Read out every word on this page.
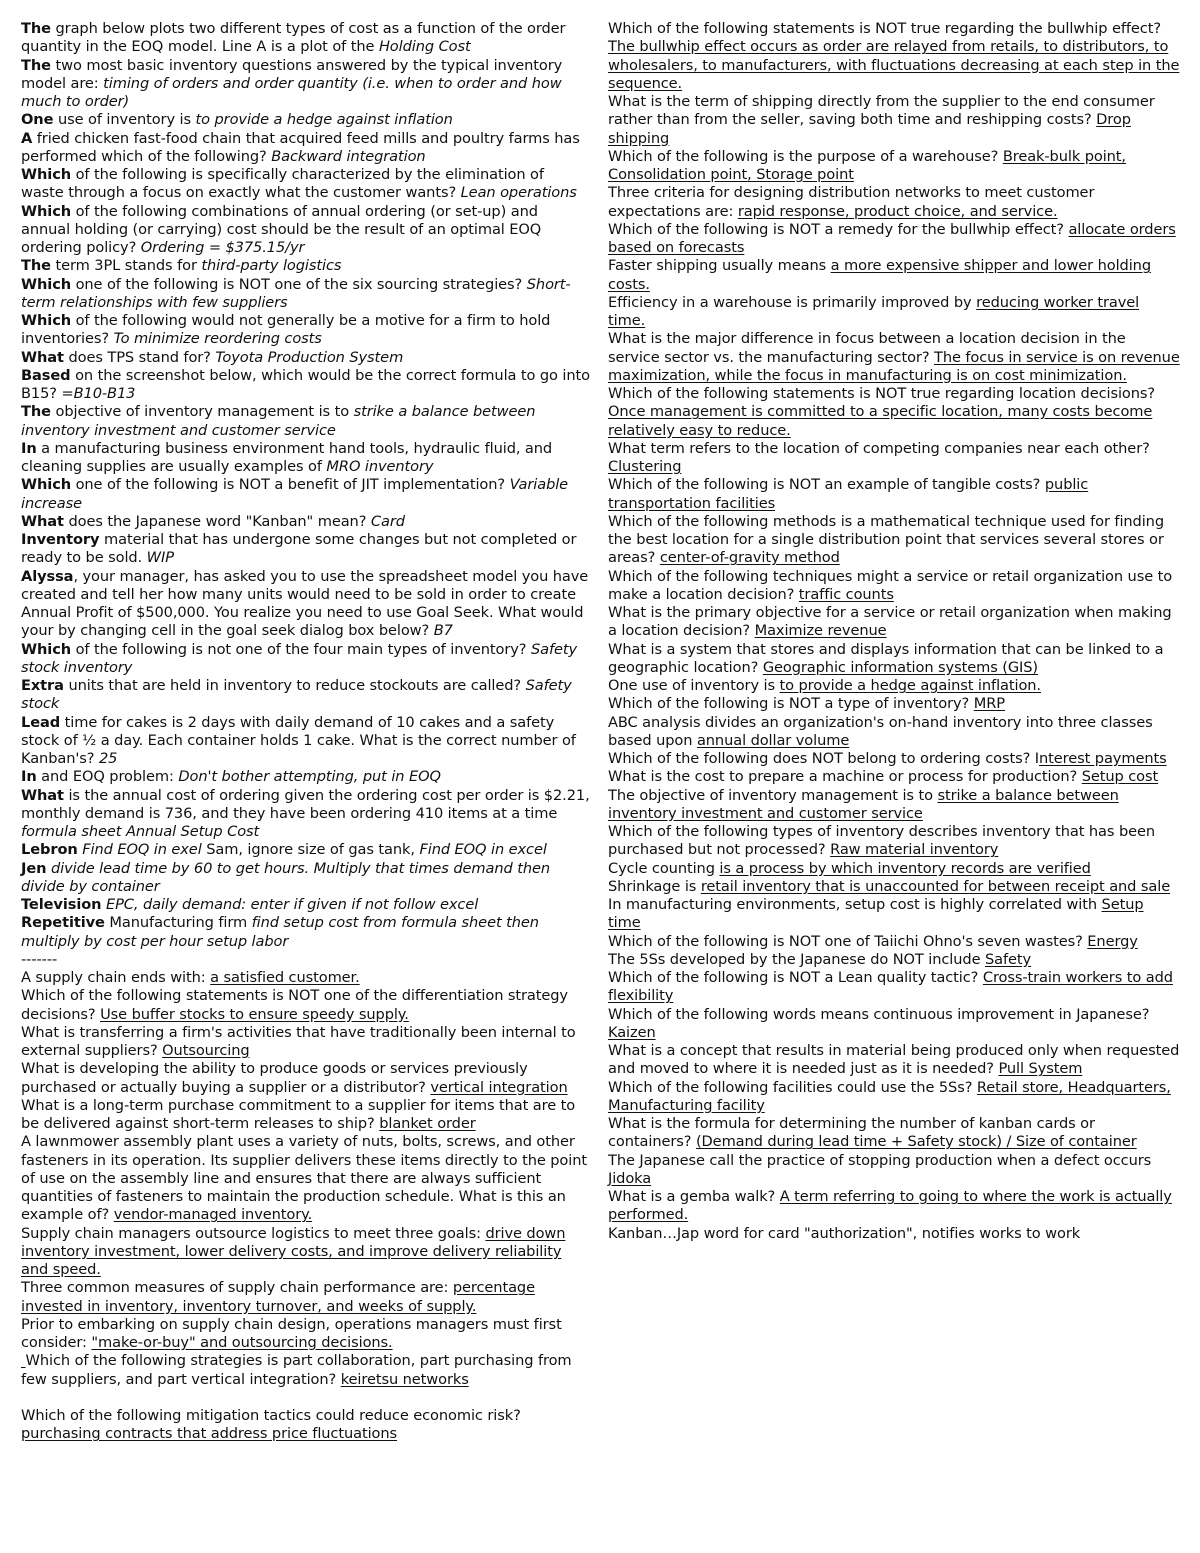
The graph below plots two different types of cost as a function of the order quantity in the EOQ model. Line A is a plot of the Holding Cost

The two most basic inventory questions answered by the typical inventory model are: timing of orders and order quantity (i.e. when to order and how much to order)

One use of inventory is to provide a hedge against inflation

A fried chicken fast-food chain that acquired feed mills and poultry farms has performed which of the following? Backward integration

Which of the following is specifically characterized by the elimination of waste through a focus on exactly what the customer wants? Lean operations

Which of the following combinations of annual ordering (or set-up) and annual holding (or carrying) cost should be the result of an optimal EOQ ordering policy? Ordering = $375.15/yr

The term 3PL stands for third-party logistics

Which one of the following is NOT one of the six sourcing strategies? Short-term relationships with few suppliers

Which of the following would not generally be a motive for a firm to hold inventories? To minimize reordering costs

What does TPS stand for? Toyota Production System

Based on the screenshot below, which would be the correct formula to go into B15? =B10-B13

The objective of inventory management is to strike a balance between inventory investment and customer service

In a manufacturing business environment hand tools, hydraulic fluid, and cleaning supplies are usually examples of MRO inventory

Which one of the following is NOT a benefit of JIT implementation? Variable increase

What does the Japanese word "Kanban" mean? Card

Inventory material that has undergone some changes but not completed or ready to be sold. WIP

Alyssa, your manager, has asked you to use the spreadsheet model you have created and tell her how many units would need to be sold in order to create Annual Profit of $500,000. You realize you need to use Goal Seek. What would your by changing cell in the goal seek dialog box below? B7

Which of the following is not one of the four main types of inventory? Safety stock inventory

Extra units that are held in inventory to reduce stockouts are called? Safety stock

Lead time for cakes is 2 days with daily demand of 10 cakes and a safety stock of ½ a day. Each container holds 1 cake. What is the correct number of Kanban's? 25

In and EOQ problem: Don't bother attempting, put in EOQ

What is the annual cost of ordering given the ordering cost per order is $2.21, monthly demand is 736, and they have been ordering 410 items at a time formula sheet Annual Setup Cost

Lebron Find EOQ in exel Sam, ignore size of gas tank, Find EOQ in excel

Jen divide lead time by 60 to get hours. Multiply that times demand then divide by container

Television EPC, daily demand: enter if given if not follow excel

Repetitive Manufacturing firm find setup cost from formula sheet then multiply by cost per hour setup labor

-------

A supply chain ends with: a satisfied customer.

Which of the following statements is NOT one of the differentiation strategy decisions? Use buffer stocks to ensure speedy supply.

What is transferring a firm's activities that have traditionally been internal to external suppliers? Outsourcing

What is developing the ability to produce goods or services previously purchased or actually buying a supplier or a distributor? vertical integration

What is a long-term purchase commitment to a supplier for items that are to be delivered against short-term releases to ship? blanket order

A lawnmower assembly plant uses a variety of nuts, bolts, screws, and other fasteners in its operation. Its supplier delivers these items directly to the point of use on the assembly line and ensures that there are always sufficient quantities of fasteners to maintain the production schedule. What is this an example of? vendor-managed inventory.

Supply chain managers outsource logistics to meet three goals: drive down inventory investment, lower delivery costs, and improve delivery reliability and speed.

Three common measures of supply chain performance are: percentage invested in inventory, inventory turnover, and weeks of supply.

Prior to embarking on supply chain design, operations managers must first consider: "make-or-buy" and outsourcing decisions.

Which of the following strategies is part collaboration, part purchasing from few suppliers, and part vertical integration? keiretsu networks

Which of the following mitigation tactics could reduce economic risk? purchasing contracts that address price fluctuations

Which of the following statements is NOT true regarding the bullwhip effect? The bullwhip effect occurs as order are relayed from retails, to distributors, to wholesalers, to manufacturers, with fluctuations decreasing at each step in the sequence.

What is the term of shipping directly from the supplier to the end consumer rather than from the seller, saving both time and reshipping costs? Drop shipping

Which of the following is the purpose of a warehouse? Break-bulk point, Consolidation point, Storage point

Three criteria for designing distribution networks to meet customer expectations are: rapid response, product choice, and service.

Which of the following is NOT a remedy for the bullwhip effect? allocate orders based on forecasts

Faster shipping usually means a more expensive shipper and lower holding costs.

Efficiency in a warehouse is primarily improved by reducing worker travel time.

What is the major difference in focus between a location decision in the service sector vs. the manufacturing sector? The focus in service is on revenue maximization, while the focus in manufacturing is on cost minimization.

Which of the following statements is NOT true regarding location decisions? Once management is committed to a specific location, many costs become relatively easy to reduce.

What term refers to the location of competing companies near each other? Clustering

Which of the following is NOT an example of tangible costs? public transportation facilities

Which of the following methods is a mathematical technique used for finding the best location for a single distribution point that services several stores or areas? center-of-gravity method

Which of the following techniques might a service or retail organization use to make a location decision? traffic counts

What is the primary objective for a service or retail organization when making a location decision? Maximize revenue

What is a system that stores and displays information that can be linked to a geographic location? Geographic information systems (GIS)

One use of inventory is to provide a hedge against inflation.

Which of the following is NOT a type of inventory? MRP

ABC analysis divides an organization's on-hand inventory into three classes based upon annual dollar volume

Which of the following does NOT belong to ordering costs? Interest payments

What is the cost to prepare a machine or process for production? Setup cost

The objective of inventory management is to strike a balance between inventory investment and customer service

Which of the following types of inventory describes inventory that has been purchased but not processed? Raw material inventory

Cycle counting is a process by which inventory records are verified

Shrinkage is retail inventory that is unaccounted for between receipt and sale

In manufacturing environments, setup cost is highly correlated with Setup time

Which of the following is NOT one of Taiichi Ohno's seven wastes? Energy

The 5Ss developed by the Japanese do NOT include Safety

Which of the following is NOT a Lean quality tactic? Cross-train workers to add flexibility

Which of the following words means continuous improvement in Japanese? Kaizen

What is a concept that results in material being produced only when requested and moved to where it is needed just as it is needed? Pull System

Which of the following facilities could use the 5Ss? Retail store, Headquarters, Manufacturing facility

What is the formula for determining the number of kanban cards or containers? (Demand during lead time + Safety stock) / Size of container

The Japanese call the practice of stopping production when a defect occurs Jidoka

What is a gemba walk? A term referring to going to where the work is actually performed.

Kanban…Jap word for card "authorization", notifies works to work
